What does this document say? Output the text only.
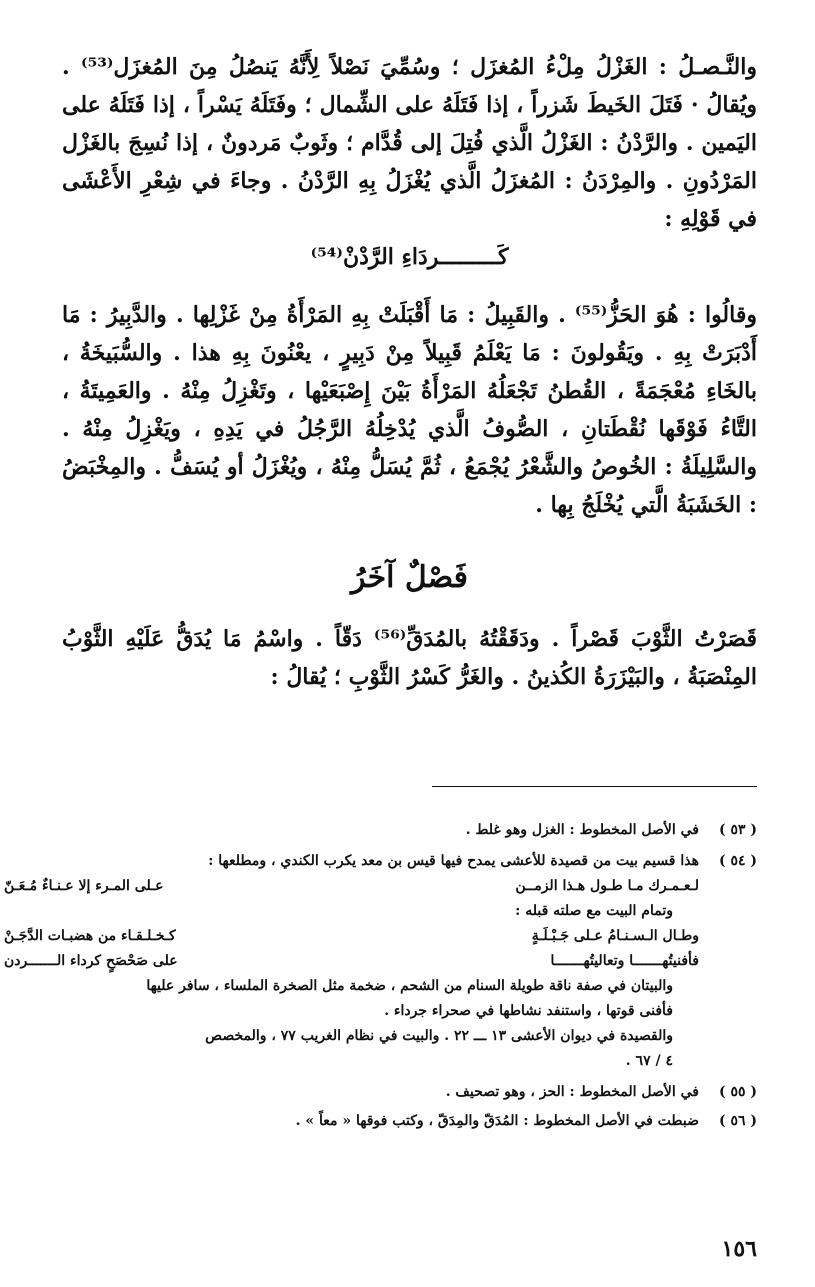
والنَّـصـلُ : الغَزْلُ مِلْءُ المُغزَل ؛ وسُمِّيَ نَصْلاً لِأَنَّهُ يَنصُلُ مِنَ المُغزَل⁽⁵³⁾ . ويُقالُ · فَتَلَ الخَيطَ شَزراً ، إذا فَتَلَهُ على الشِّمال ؛ وفَتَلَهُ يَسْراً ، إذا فَتَلَهُ على اليَمين . والرَّدْنُ : الغَزْلُ الَّذي فُتِلَ إلى قُدَّام ؛ وثَوبٌ مَردونٌ ، إذا نُسِجَ بالغَزْل المَرْدُونِ . والمِرْدَنُ : المُغزَلُ الَّذي يُغْزَلُ بِهِ الرَّدْنُ . وجاءَ في شِعْرِ الأَعْشَى في قَوْلِهِ :

كَـــــــــردَاءِ الرَّدْنْ⁽⁵⁴⁾

وقالُوا : هُوَ الحَزُّ⁽⁵⁵⁾ . والقَبِيلُ : مَا أَقْبَلَتْ بِهِ المَرْأَةُ مِنْ غَزْلِها . والدَّبِيرُ : مَا أَدْبَرَتْ بِهِ . ويَقُولونَ : مَا يَعْلَمُ قَبِيلاً مِنْ دَبِيرٍ ، يعْنُونَ بِهِ هذا . والسُّبَيخَةُ ، بالخَاءِ مُعْجَمَةً ، القُطنُ تَجْعَلُهُ المَرْأَةُ بَيْنَ إِصْبَعَيْها ، وتَغْزِلُ مِنْهُ . والعَمِيتَةُ ، التَّاءُ فَوْقَها نُقْطَتانِ ، الصُّوفُ الَّذي يُدْخِلُهُ الرَّجُلُ في يَدِهِ ، ويَغْزِلُ مِنْهُ . والسَّلِيلَةُ : الخُوصُ والشَّعْرُ يُجْمَعُ ، ثُمَّ يُسَلُّ مِنْهُ ، ويُغْزَلُ أو يُسَفُّ . والمِخْبَضُ : الخَشَبَةُ الَّتي يُخْلَجُ بِها .

فَصْلٌ آخَرُ

قَصَرْتُ الثَّوْبَ قَصْراً . ودَقَقْتُهُ بالمُدَقِّ⁽⁵⁶⁾ دَقّاً . واسْمُ مَا يُدَقُّ عَلَيْهِ الثَّوْبُ المِنْصَبَةُ ، والبَيْزَرَةُ الكُذينُ . والغَرُّ كَسْرُ الثَّوْبِ ؛ يُقالُ :

( ٥٣ )

في الأصل المخطوط : الغزل وهو غلط .

( ٥٤ )

هذا قسيم بيت من قصيدة للأعشى يمدح فيها قيس بن معد يكرب الكندي ، ومطلعها :

لـعـمـرك مـا طـول هـذا الزمــن
عـلى المـرء إلا عـنـاءٌ مُـعَـنّ

وتمام البيت مع صلته قبله :

وطـال الـسـنـامُ عـلى جَـبْـلَـةٍ
كـخـلـقـاء من هضبـات الدَّجَـنْ
فأفنيتُهـــــــا وتعاليتُهـــــــا
على صَحْصَحٍ كرداء الـــــــردن

والبيتان في صفة ناقة طويلة السنام من الشحم ، ضخمة مثل الصخرة الملساء ، سافر عليها

فأفنى قوتها ، واستنفد نشاطها في صحراء جرداء .

والقصيدة في ديوان الأعشى ١٣ ـــ ٢٢ . والبيت في نظام الغريب ٧٧ ، والمخصص

٤ / ٦٧ .

( ٥٥ )

في الأصل المخطوط : الحز ، وهو تصحيف .

( ٥٦ )

ضبطت في الأصل المخطوط : المُدَقّ والمِدَقّ ، وكتب فوقها « معاً » .

١٥٦
